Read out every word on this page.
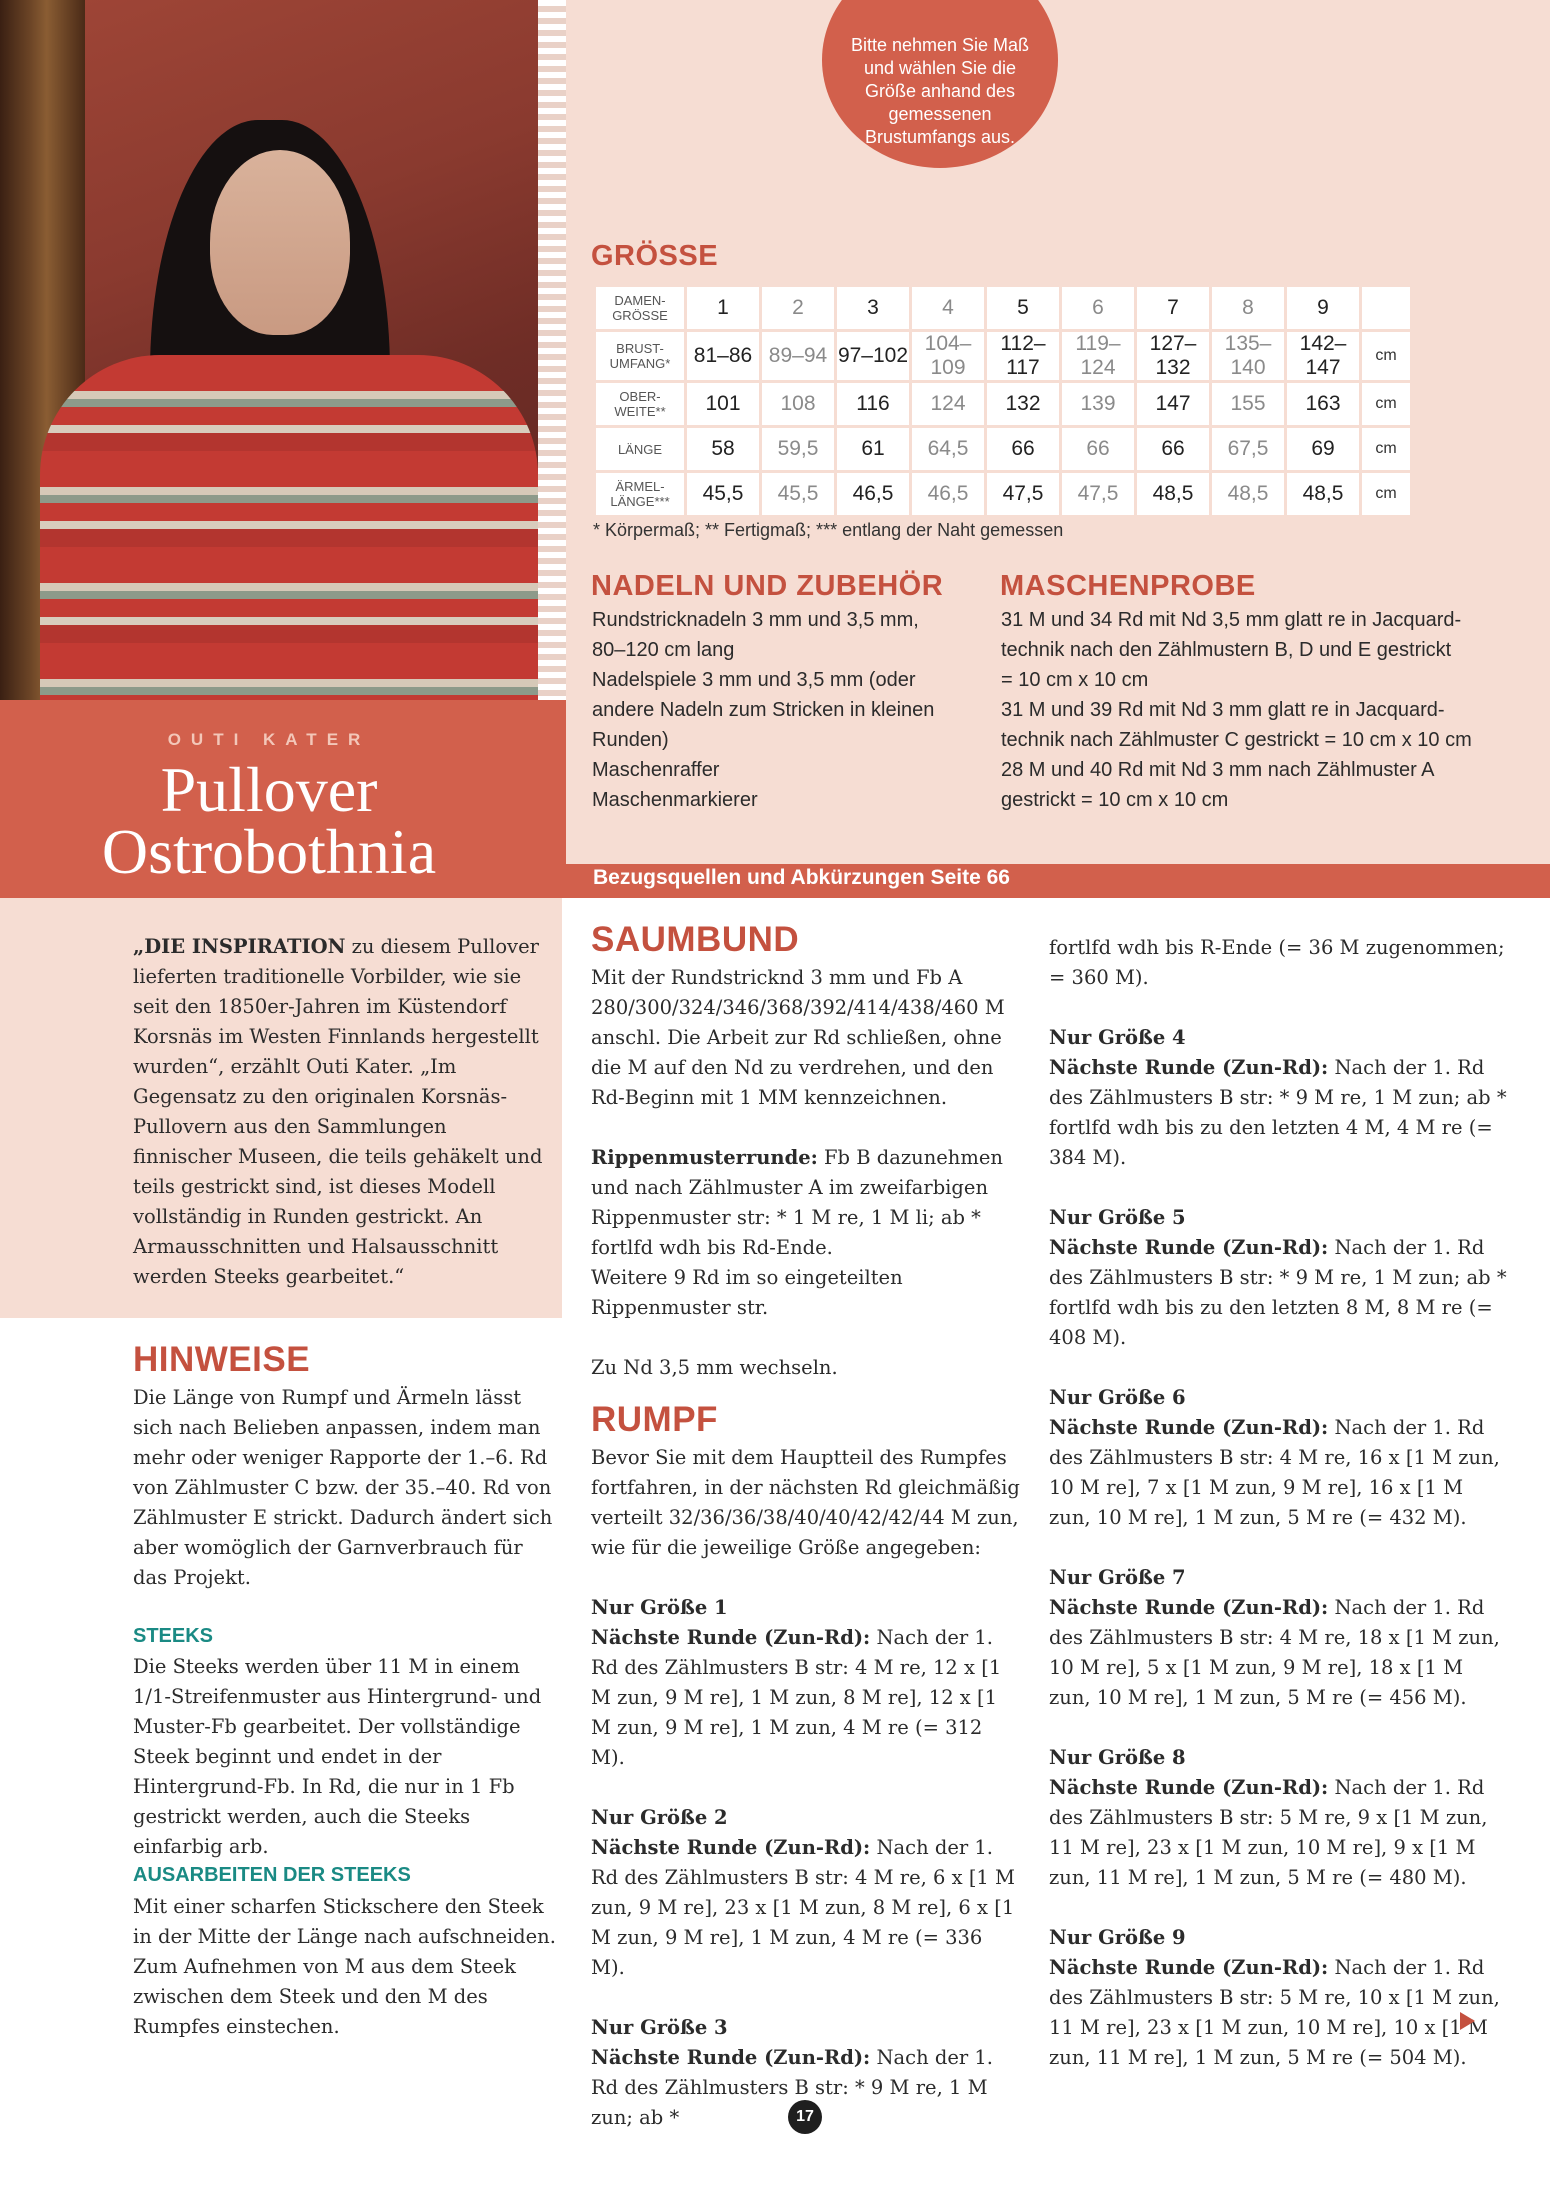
OUTI KATER
Pullover
Ostrobothnia
Bitte nehmen Sie Maß und wählen Sie die Größe anhand des gemessenen Brustumfangs aus.
GRÖSSE
DAMEN-GRÖSSE	1	2	3	4	5	6	7	8	9	
BRUST-UMFANG*	81–86	89–94	97–102	104–109	112–117	119–124	127–132	135–140	142–147	cm
OBER-WEITE**	101	108	116	124	132	139	147	155	163	cm
LÄNGE	58	59,5	61	64,5	66	66	66	67,5	69	cm
ÄRMEL-LÄNGE***	45,5	45,5	46,5	46,5	47,5	47,5	48,5	48,5	48,5	cm
* Körpermaß; ** Fertigmaß; *** entlang der Naht gemessen
NADELN UND ZUBEHÖR
Rundstricknadeln 3 mm und 3,5 mm,
80–120 cm lang
Nadelspiele 3 mm und 3,5 mm (oder
andere Nadeln zum Stricken in kleinen
Runden)
Maschenraffer
Maschenmarkierer
MASCHENPROBE
31 M und 34 Rd mit Nd 3,5 mm glatt re in Jacquard-
technik nach den Zählmustern B, D und E gestrickt
= 10 cm x 10 cm
31 M und 39 Rd mit Nd 3 mm glatt re in Jacquard-
technik nach Zählmuster C gestrickt = 10 cm x 10 cm
28 M und 40 Rd mit Nd 3 mm nach Zählmuster A
gestrickt = 10 cm x 10 cm
Bezugsquellen und Abkürzungen Seite 66
„DIE INSPIRATION zu diesem Pullover lieferten traditionelle Vorbilder, wie sie seit den 1850er-Jahren im Küstendorf Korsnäs im Westen Finnlands hergestellt wurden“, erzählt Outi Kater. „Im Gegensatz zu den originalen Korsnäs-Pullovern aus den Sammlungen finnischer Museen, die teils gehäkelt und teils gestrickt sind, ist dieses Modell vollständig in Runden gestrickt. An Armausschnitten und Halsausschnitt werden Steeks gearbeitet.“
HINWEISE
Die Länge von Rumpf und Ärmeln lässt sich nach Belieben anpassen, indem man mehr oder weniger Rapporte der 1.–6. Rd von Zählmuster C bzw. der 35.–40. Rd von Zählmuster E strickt. Dadurch ändert sich aber womöglich der Garnverbrauch für das Projekt.
STEEKS
Die Steeks werden über 11 M in einem 1/1-Streifenmuster aus Hintergrund- und Muster-Fb gearbeitet. Der vollständige Steek beginnt und endet in der Hintergrund-Fb. In Rd, die nur in 1 Fb gestrickt werden, auch die Steeks einfarbig arb.
AUSARBEITEN DER STEEKS
Mit einer scharfen Stickschere den Steek in der Mitte der Länge nach aufschneiden. Zum Aufnehmen von M aus dem Steek zwischen dem Steek und den M des Rumpfes einstechen.
SAUMBUND
Mit der Rundstricknd 3 mm und Fb A 280/300/324/346/368/392/414/438/460 M anschl. Die Arbeit zur Rd schließen, ohne die M auf den Nd zu verdrehen, und den Rd-Beginn mit 1 MM kennzeichnen.
Rippenmusterrunde: Fb B dazunehmen und nach Zählmuster A im zweifarbigen Rippenmuster str: * 1 M re, 1 M li; ab * fortlfd wdh bis Rd-Ende.
Weitere 9 Rd im so eingeteilten Rippenmuster str.
Zu Nd 3,5 mm wechseln.
RUMPF
Bevor Sie mit dem Hauptteil des Rumpfes fortfahren, in der nächsten Rd gleichmäßig verteilt 32/36/36/38/40/40/42/42/44 M zun, wie für die jeweilige Größe angegeben:
Nur Größe 1
Nächste Runde (Zun-Rd): Nach der 1. Rd des Zählmusters B str: 4 M re, 12 x [1 M zun, 9 M re], 1 M zun, 8 M re], 12 x [1 M zun, 9 M re], 1 M zun, 4 M re (= 312 M).
Nur Größe 2
Nächste Runde (Zun-Rd): Nach der 1. Rd des Zählmusters B str: 4 M re, 6 x [1 M zun, 9 M re], 23 x [1 M zun, 8 M re], 6 x [1 M zun, 9 M re], 1 M zun, 4 M re (= 336 M).
Nur Größe 3
Nächste Runde (Zun-Rd): Nach der 1. Rd des Zählmusters B str: * 9 M re, 1 M zun; ab *
fortlfd wdh bis R-Ende (= 36 M zugenommen; = 360 M).
Nur Größe 4
Nächste Runde (Zun-Rd): Nach der 1. Rd des Zählmusters B str: * 9 M re, 1 M zun; ab * fortlfd wdh bis zu den letzten 4 M, 4 M re (= 384 M).
Nur Größe 5
Nächste Runde (Zun-Rd): Nach der 1. Rd des Zählmusters B str: * 9 M re, 1 M zun; ab * fortlfd wdh bis zu den letzten 8 M, 8 M re (= 408 M).
Nur Größe 6
Nächste Runde (Zun-Rd): Nach der 1. Rd des Zählmusters B str: 4 M re, 16 x [1 M zun, 10 M re], 7 x [1 M zun, 9 M re], 16 x [1 M zun, 10 M re], 1 M zun, 5 M re (= 432 M).
Nur Größe 7
Nächste Runde (Zun-Rd): Nach der 1. Rd des Zählmusters B str: 4 M re, 18 x [1 M zun, 10 M re], 5 x [1 M zun, 9 M re], 18 x [1 M zun, 10 M re], 1 M zun, 5 M re (= 456 M).
Nur Größe 8
Nächste Runde (Zun-Rd): Nach der 1. Rd des Zählmusters B str: 5 M re, 9 x [1 M zun, 11 M re], 23 x [1 M zun, 10 M re], 9 x [1 M zun, 11 M re], 1 M zun, 5 M re (= 480 M).
Nur Größe 9
Nächste Runde (Zun-Rd): Nach der 1. Rd des Zählmusters B str: 5 M re, 10 x [1 M zun, 11 M re], 23 x [1 M zun, 10 M re], 10 x [1 M zun, 11 M re], 1 M zun, 5 M re (= 504 M).
17
